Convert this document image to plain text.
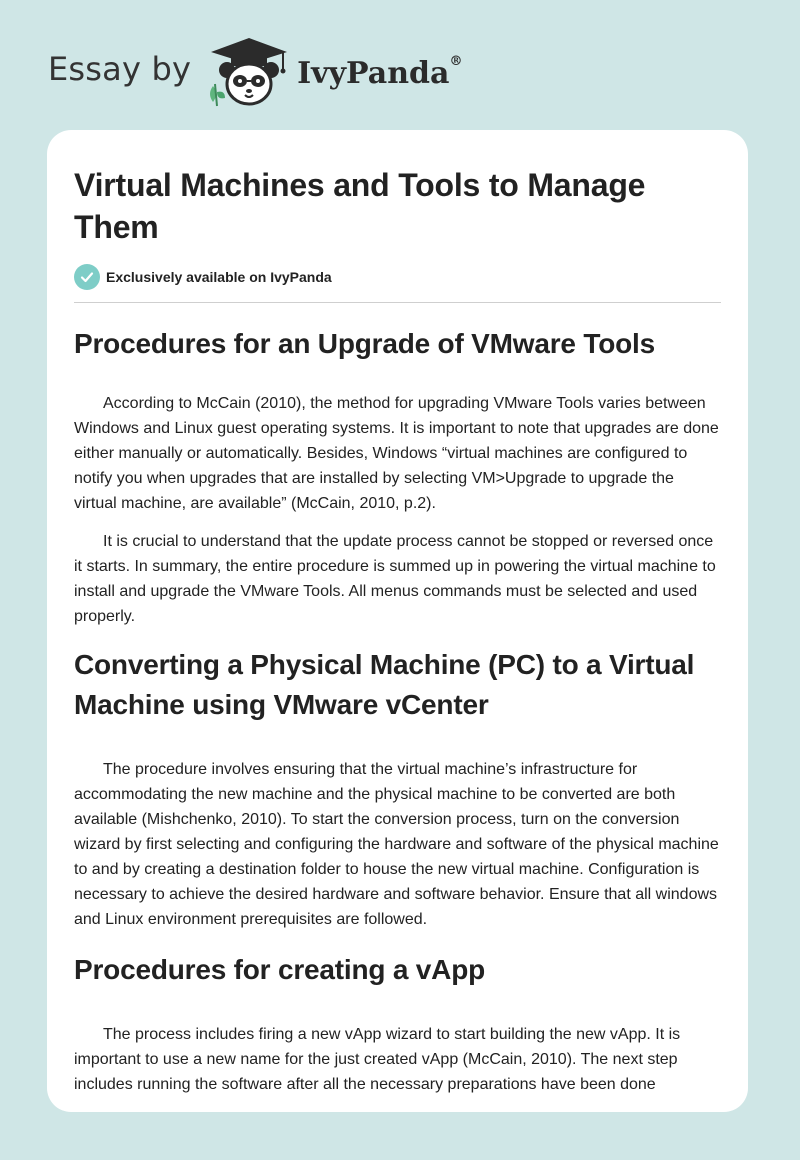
Essay by	IvyPanda®
Virtual Machines and Tools to Manage Them
Exclusively available on IvyPanda
Procedures for an Upgrade of VMware Tools

According to McCain (2010), the method for upgrading VMware Tools varies between Windows and Linux guest operating systems. It is important to note that upgrades are done either manually or automatically. Besides, Windows “virtual machines are configured to notify you when upgrades that are installed by selecting VM>Upgrade to upgrade the virtual machine, are available” (McCain, 2010, p.2).

It is crucial to understand that the update process cannot be stopped or reversed once it starts. In summary, the entire procedure is summed up in powering the virtual machine to install and upgrade the VMware Tools. All menus commands must be selected and used properly.

Converting a Physical Machine (PC) to a Virtual Machine using VMware vCenter

The procedure involves ensuring that the virtual machine’s infrastructure for accommodating the new machine and the physical machine to be converted are both available (Mishchenko, 2010). To start the conversion process, turn on the conversion wizard by first selecting and configuring the hardware and software of the physical machine to and by creating a destination folder to house the new virtual machine. Configuration is necessary to achieve the desired hardware and software behavior. Ensure that all windows and Linux environment prerequisites are followed.

Procedures for creating a vApp

The process includes firing a new vApp wizard to start building the new vApp. It is important to use a new name for the just created vApp (McCain, 2010). The next step includes running the software after all the necessary preparations have been done
